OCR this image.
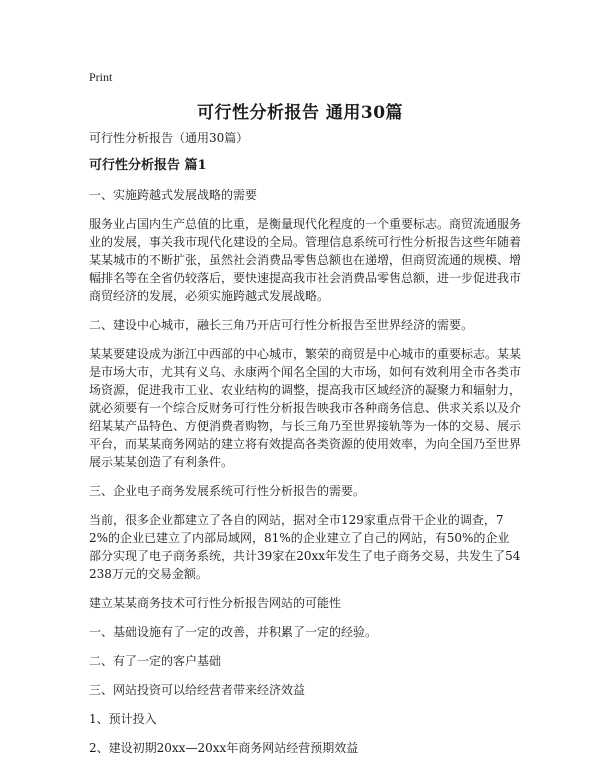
Print
可行性分析报告 通用30篇

可行性分析报告（通用30篇）

可行性分析报告 篇1

一、实施跨越式发展战略的需要

服务业占国内生产总值的比重，是衡量现代化程度的一个重要标志。商贸流通服务业的发展，事关我市现代化建设的全局。管理信息系统可行性分析报告这些年随着某某城市的不断扩张，虽然社会消费品零售总额也在递增，但商贸流通的规模、增幅排名等在全省仍较落后，要快速提高我市社会消费品零售总额，进一步促进我市商贸经济的发展，必须实施跨越式发展战略。

二、建设中心城市，融长三角乃开店可行性分析报告至世界经济的需要。

某某要建设成为浙江中西部的中心城市，繁荣的商贸是中心城市的重要标志。某某是市场大市，尤其有义乌、永康两个闻名全国的大市场，如何有效利用全市各类市场资源，促进我市工业、农业结构的调整，提高我市区域经济的凝聚力和辐射力，就必须要有一个综合反财务可行性分析报告映我市各种商务信息、供求关系以及介绍某某产品特色、方便消费者购物，与长三角乃至世界接轨等为一体的交易、展示平台，而某某商务网站的建立将有效提高各类资源的使用效率，为向全国乃至世界展示某某创造了有利条件。

三、企业电子商务发展系统可行性分析报告的需要。

当前，很多企业都建立了各自的网站，据对全市129家重点骨干企业的调查，72%的企业已建立了内部局域网，81%的企业建立了自己的网站，有50%的企业部分实现了电子商务系统，共计39家在20xx年发生了电子商务交易，共发生了54238万元的交易金额。

建立某某商务技术可行性分析报告网站的可能性

一、基础设施有了一定的改善，并积累了一定的经验。

二、有了一定的客户基础

三、网站投资可以给经营者带来经济效益

1、预计投入

2、建设初期20xx—20xx年商务网站经营预期效益
